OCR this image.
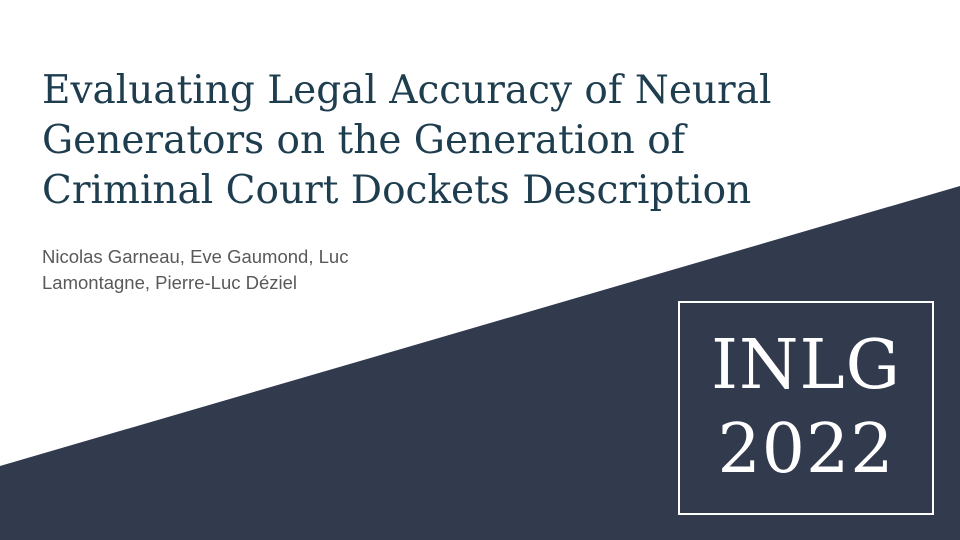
Evaluating Legal Accuracy of Neural
Generators on the Generation of
Criminal Court Dockets Description
Nicolas Garneau, Eve Gaumond, Luc
Lamontagne, Pierre-Luc Déziel
INLG
2022
